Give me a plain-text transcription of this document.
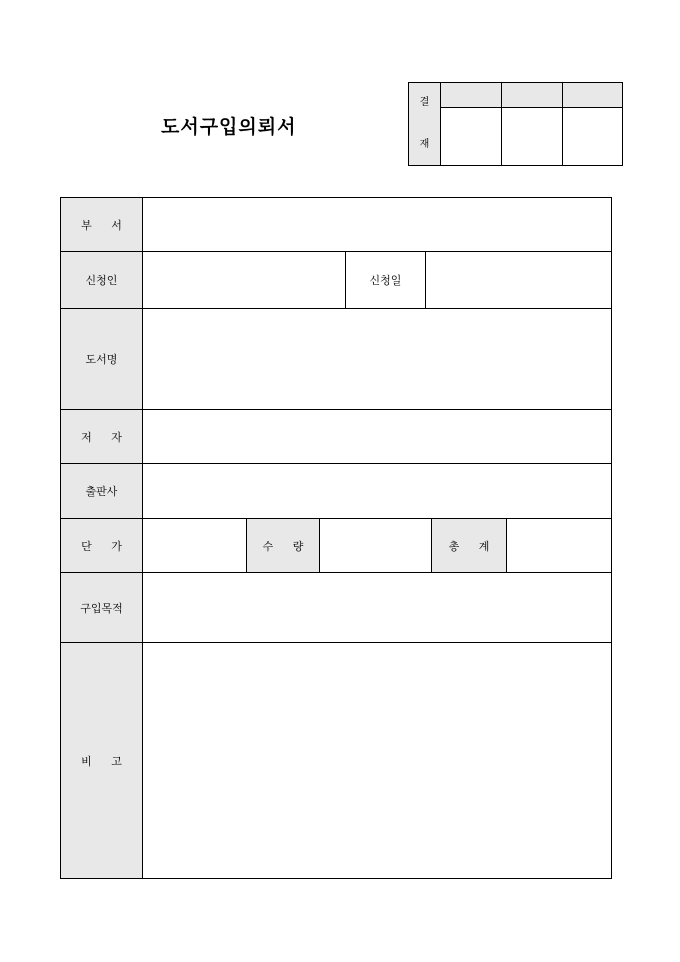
도서구입의뢰서
결
재			

부 서							
신청인				신청일			
도서명							
저 자							
출판사							
단 가		수 량				총 계	
구입목적							
비 고							
